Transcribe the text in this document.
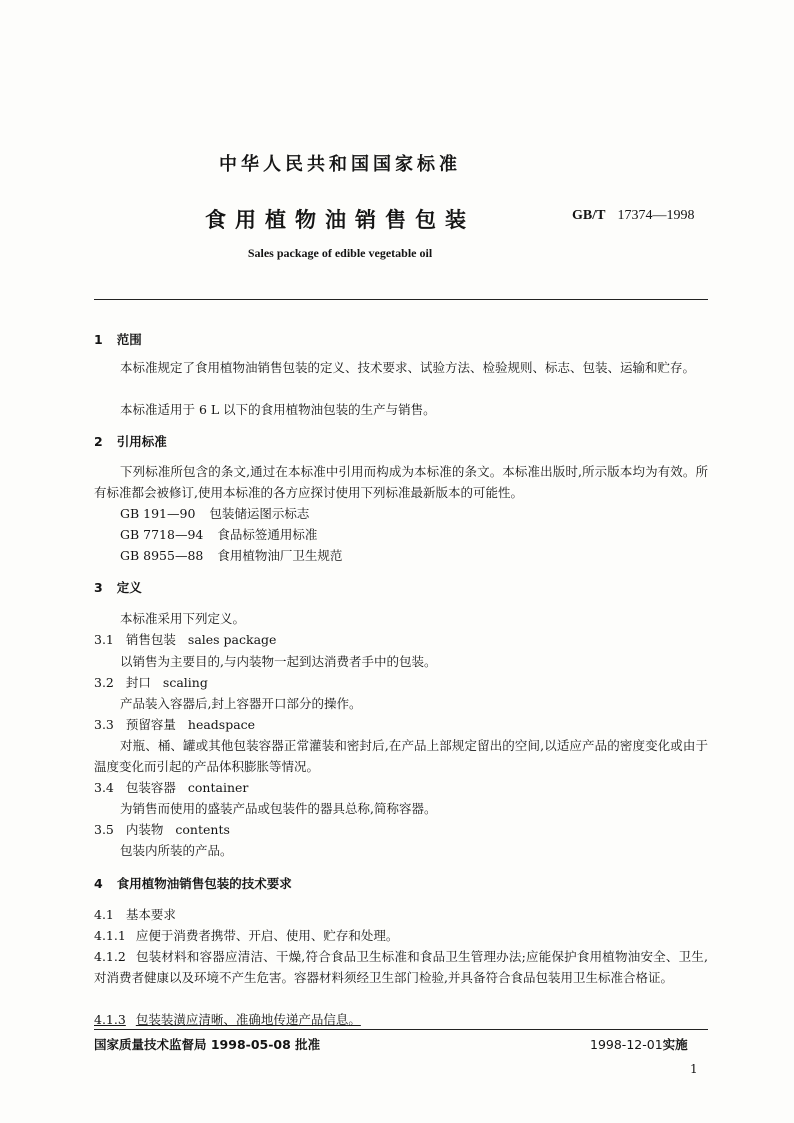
中华人民共和国国家标准
食用植物油销售包装	GB/T 17374—1998
Sales package of edible vegetable oil
1 范围
本标准规定了食用植物油销售包装的定义、技术要求、试验方法、检验规则、标志、包装、运输和贮存。
本标准适用于 6 L 以下的食用植物油包装的生产与销售。
2 引用标准
下列标准所包含的条文,通过在本标准中引用而构成为本标准的条文。本标准出版时,所示版本均为有效。所有标准都会被修订,使用本标准的各方应探讨使用下列标准最新版本的可能性。
GB 191—90 包装储运图示标志
GB 7718—94 食品标签通用标准
GB 8955—88 食用植物油厂卫生规范
3 定义
本标准采用下列定义。
3.1 销售包装 sales package
以销售为主要目的,与内装物一起到达消费者手中的包装。
3.2 封口 scaling
产品装入容器后,封上容器开口部分的操作。
3.3 预留容量 headspace
对瓶、桶、罐或其他包装容器正常灌装和密封后,在产品上部规定留出的空间,以适应产品的密度变化或由于温度变化而引起的产品体积膨胀等情况。
3.4 包装容器 container
为销售而使用的盛装产品或包装件的器具总称,简称容器。
3.5 内装物 contents
包装内所装的产品。
4 食用植物油销售包装的技术要求
4.1 基本要求
4.1.1 应便于消费者携带、开启、使用、贮存和处理。
4.1.2 包装材料和容器应清洁、干燥,符合食品卫生标准和食品卫生管理办法;应能保护食用植物油安全、卫生,对消费者健康以及环境不产生危害。容器材料须经卫生部门检验,并具备符合食品包装用卫生标准合格证。
4.1.3 包装装潢应清晰、准确地传递产品信息。
国家质量技术监督局 1998-05-08 批准	1998-12-01实施
1
